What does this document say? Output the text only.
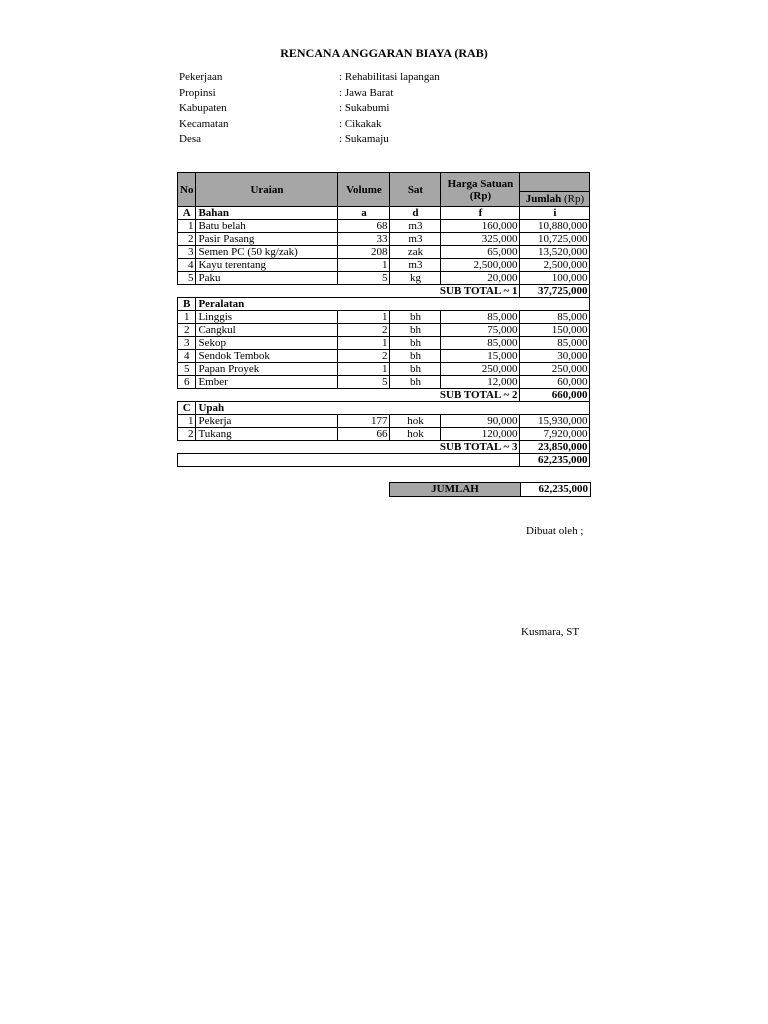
RENCANA ANGGARAN BIAYA (RAB)
Pekerjaan	: Rehabilitasi lapangan
Propinsi	: Jawa Barat
Kabupaten	: Sukabumi
Kecamatan	: Cikakak
Desa	: Sukamaju
No	Uraian	Volume	Sat	Harga Satuan (Rp)	
					Jumlah (Rp)
A	Bahan	a	d	f	i
1	Batu belah	68	m3	160,000	10,880,000
2	Pasir Pasang	33	m3	325,000	10,725,000
3	Semen PC (50 kg/zak)	208	zak	65,000	13,520,000
4	Kayu terentang	1	m3	2,500,000	2,500,000
5	Paku	5	kg	20,000	100,000
SUB TOTAL ~ 1					37,725,000
B	Peralatan				
1	Linggis	1	bh	85,000	85,000
2	Cangkul	2	bh	75,000	150,000
3	Sekop	1	bh	85,000	85,000
4	Sendok Tembok	2	bh	15,000	30,000
5	Papan Proyek	1	bh	250,000	250,000
6	Ember	5	bh	12,000	60,000
SUB TOTAL ~ 2					660,000
C	Upah				
1	Pekerja	177	hok	90,000	15,930,000
2	Tukang	66	hok	120,000	7,920,000
SUB TOTAL ~ 3					23,850,000
					62,235,000
JUMLAH	62,235,000
Dibuat oleh ;
Kusmara, ST
